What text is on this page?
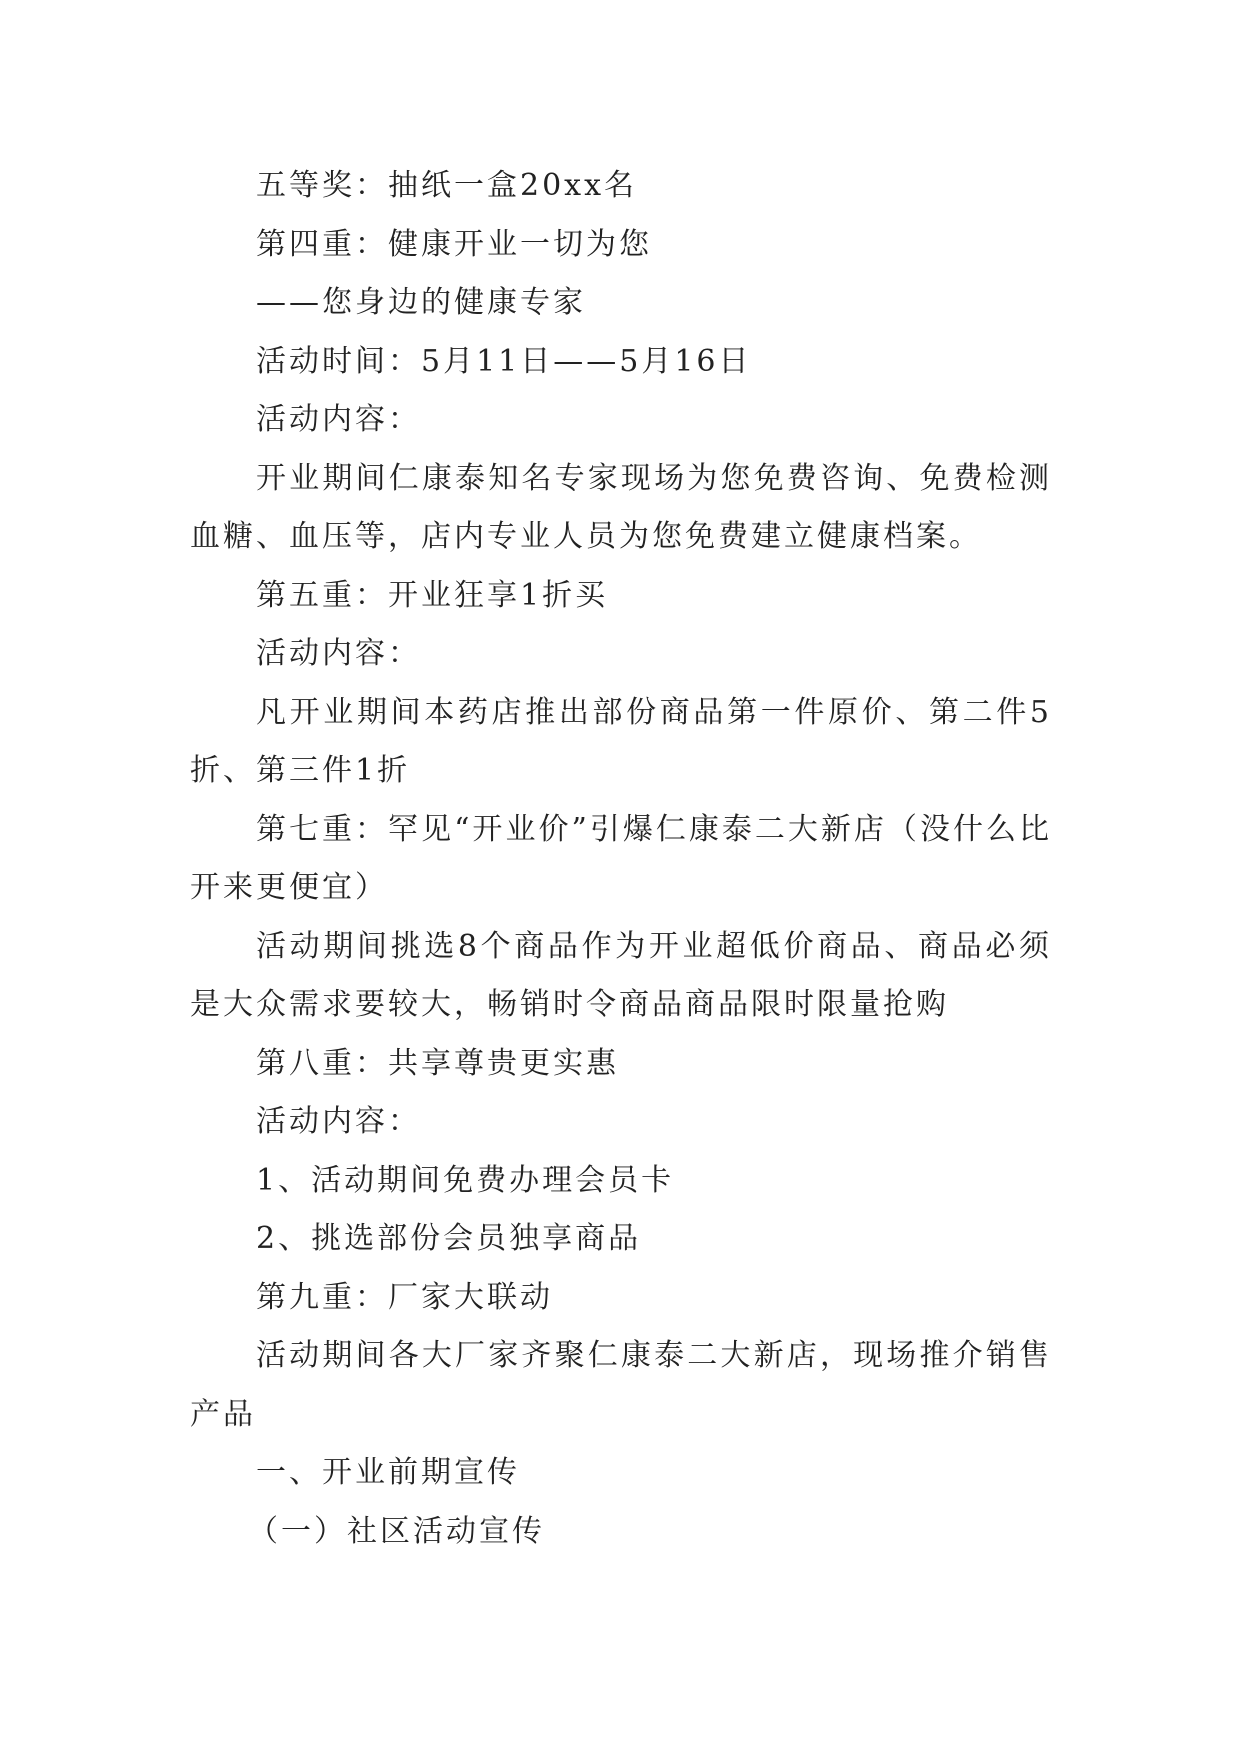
五等奖：抽纸一盒20xx名

第四重：健康开业一切为您

——您身边的健康专家

活动时间：5月11日——5月16日

活动内容：

开业期间仁康泰知名专家现场为您免费咨询、免费检测血糖、血压等，店内专业人员为您免费建立健康档案。

第五重：开业狂享1折买

活动内容：

凡开业期间本药店推出部份商品第一件原价、第二件5折、第三件1折

第七重：罕见“开业价”引爆仁康泰二大新店（没什么比开来更便宜）

活动期间挑选8个商品作为开业超低价商品、商品必须是大众需求要较大，畅销时令商品商品限时限量抢购

第八重：共享尊贵更实惠

活动内容：

1、活动期间免费办理会员卡

2、挑选部份会员独享商品

第九重：厂家大联动

活动期间各大厂家齐聚仁康泰二大新店，现场推介销售产品

一、开业前期宣传

（一）社区活动宣传
